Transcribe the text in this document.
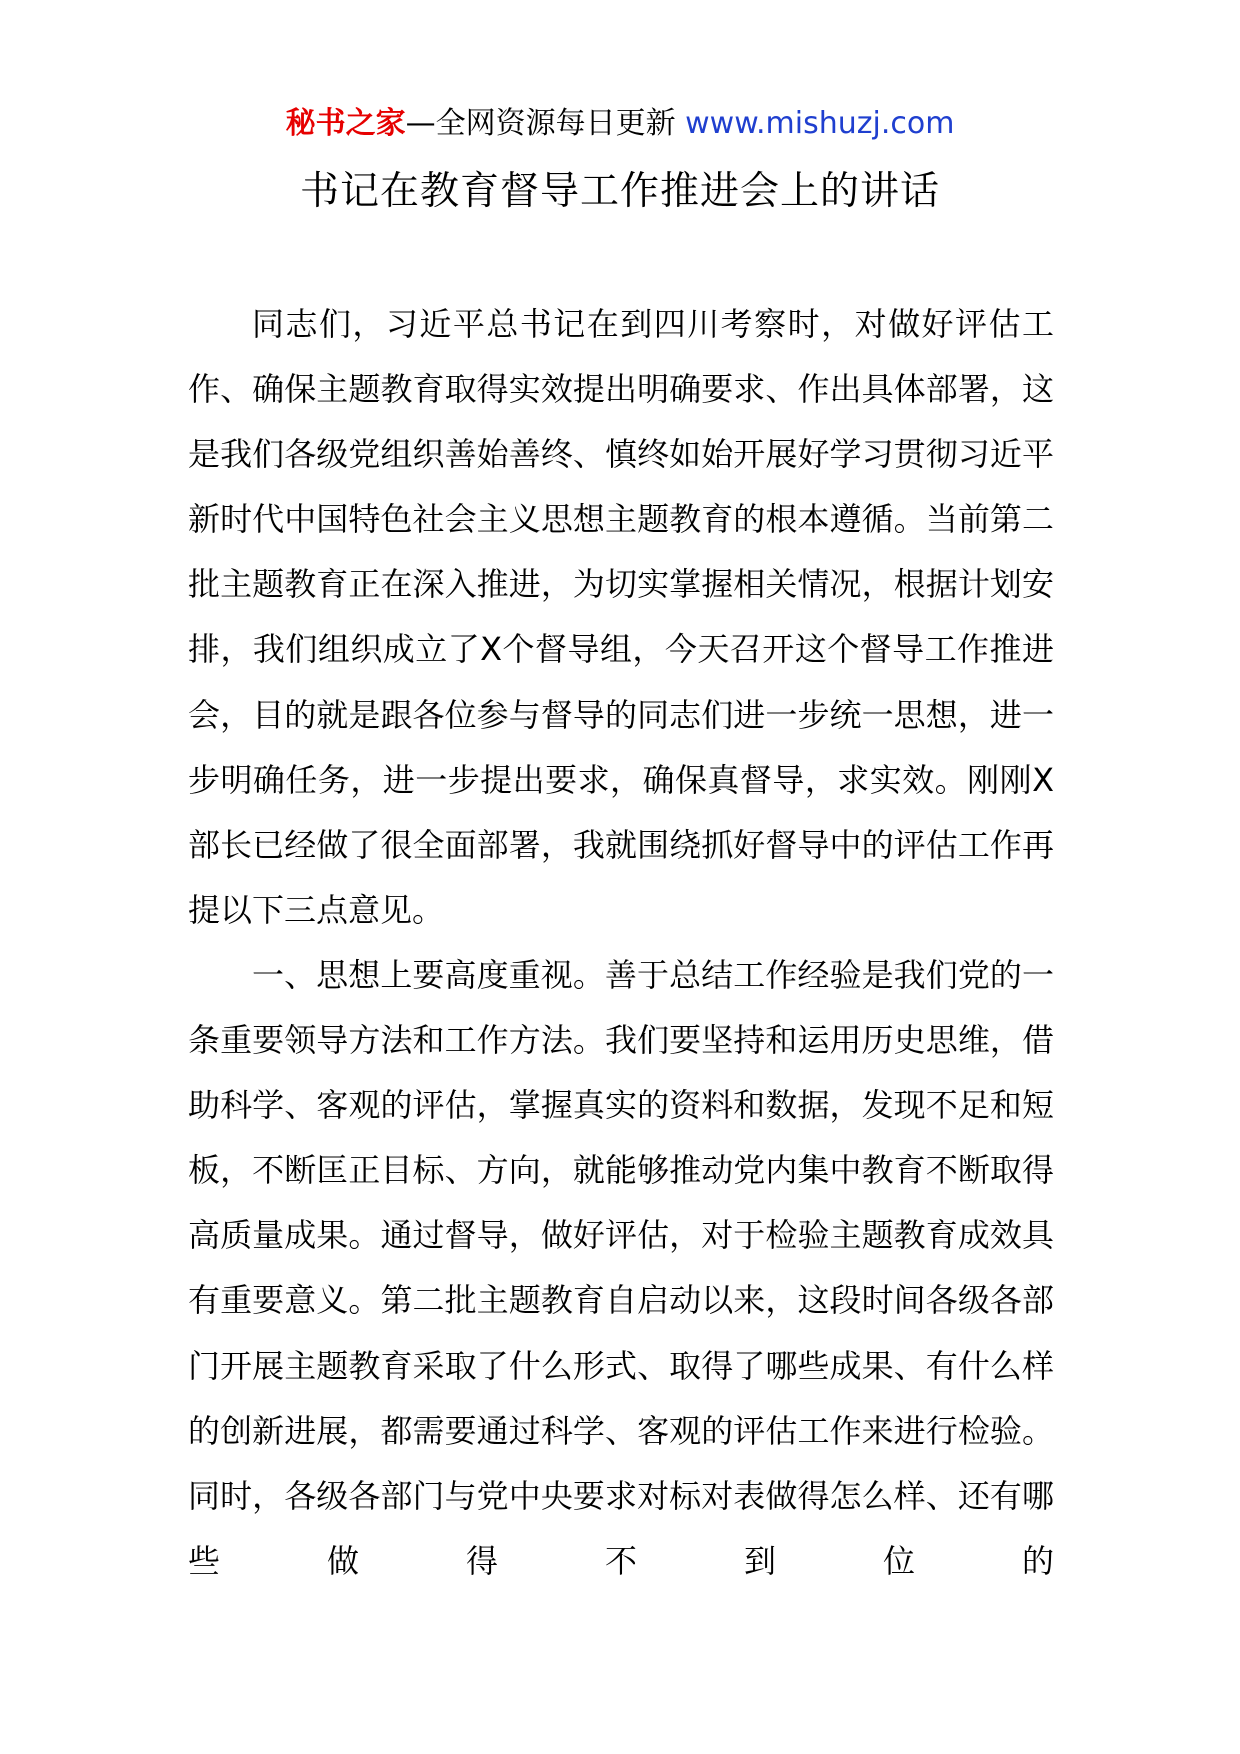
秘书之家—全网资源每日更新 www.mishuzj.com
书记在教育督导工作推进会上的讲话

同志们，习近平总书记在到四川考察时，对做好评估工作、确保主题教育取得实效提出明确要求、作出具体部署，这是我们各级党组织善始善终、慎终如始开展好学习贯彻习近平新时代中国特色社会主义思想主题教育的根本遵循。当前第二批主题教育正在深入推进，为切实掌握相关情况，根据计划安排，我们组织成立了X个督导组，今天召开这个督导工作推进会，目的就是跟各位参与督导的同志们进一步统一思想，进一步明确任务，进一步提出要求，确保真督导，求实效。刚刚X部长已经做了很全面部署，我就围绕抓好督导中的评估工作再提以下三点意见。

一、思想上要高度重视。善于总结工作经验是我们党的一条重要领导方法和工作方法。我们要坚持和运用历史思维，借助科学、客观的评估，掌握真实的资料和数据，发现不足和短板，不断匡正目标、方向，就能够推动党内集中教育不断取得高质量成果。通过督导，做好评估，对于检验主题教育成效具有重要意义。第二批主题教育自启动以来，这段时间各级各部门开展主题教育采取了什么形式、取得了哪些成果、有什么样的创新进展，都需要通过科学、客观的评估工作来进行检验。同时，各级各部门与党中央要求对标对表做得怎么样、还有哪些做得不到位的
